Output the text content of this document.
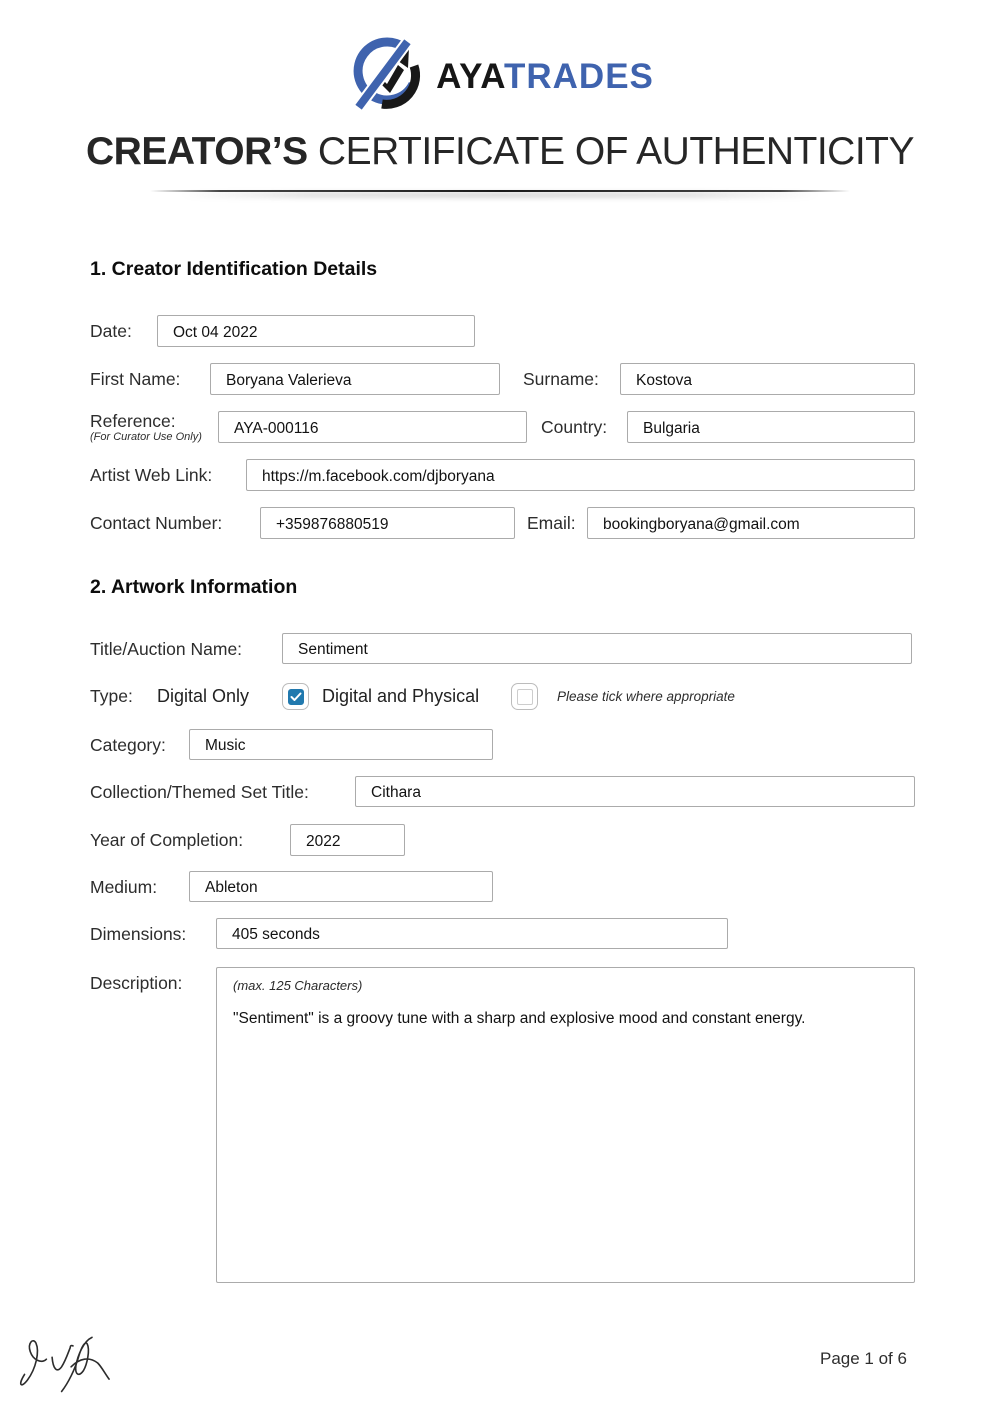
AYATRADES
CREATOR’S CERTIFICATE OF AUTHENTICITY
1. Creator Identification Details
Date:	Oct 04 2022
First Name:	Boryana Valerieva	Surname: Kostova
Reference:
(For Curator Use Only)
AYA-000116	Country: Bulgaria
Artist Web Link:	https://m.facebook.com/djboryana
Contact Number:	+359876880519	Email: bookingboryana@gmail.com
2. Artwork Information
Title/Auction Name:	Sentiment
Type: Digital Only	Digital and Physical	Please tick where appropriate
Category:	Music
Collection/Themed Set Title:	Cithara
Year of Completion:	2022
Medium:	Ableton
Dimensions:	405 seconds
Description:	(max. 125 Characters)
"Sentiment" is a groovy tune with a sharp and explosive mood and constant energy.
Page 1 of 6
